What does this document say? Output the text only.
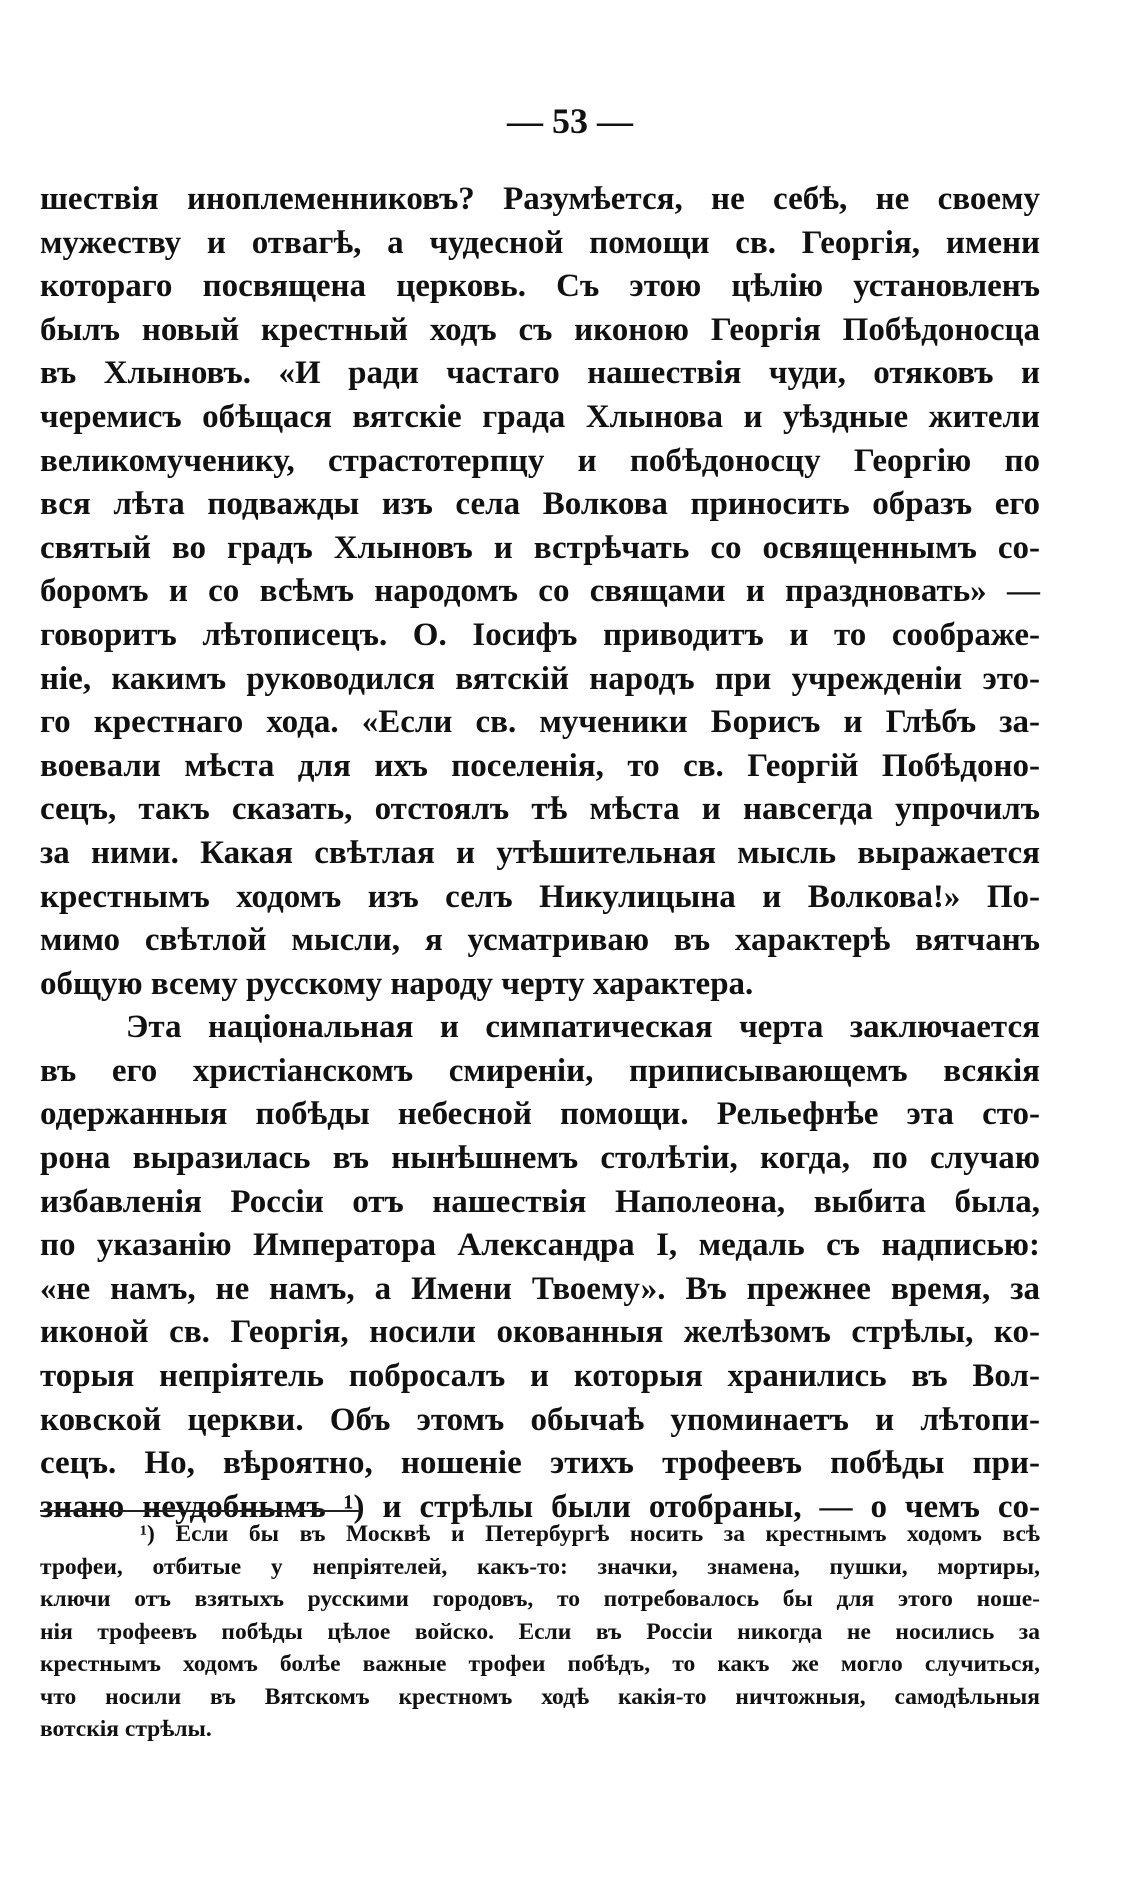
— 53 —
шествія иноплеменниковъ? Разумѣется, не себѣ, не своему
мужеству и отвагѣ, а чудесной помощи св. Георгія, имени
котораго посвящена церковь. Съ этою цѣлію установленъ
былъ новый крестный ходъ съ иконою Георгія Побѣдоносца
въ Хлыновъ. «И ради частаго нашествія чуди, отяковъ и
черемисъ обѣщася вятскіе града Хлынова и уѣздные жители
великомученику, страстотерпцу и побѣдоносцу Георгію по
вся лѣта подважды изъ села Волкова приносить образъ его
святый во градъ Хлыновъ и встрѣчать со освященнымъ со-
боромъ и со всѣмъ народомъ со свящами и праздновать» —
говоритъ лѣтописецъ. О. Іосифъ приводитъ и то соображе-
ніе, какимъ руководился вятскій народъ при учрежденіи это-
го крестнаго хода. «Если св. мученики Борисъ и Глѣбъ за-
воевали мѣста для ихъ поселенія, то св. Георгій Побѣдоно-
сецъ, такъ сказать, отстоялъ тѣ мѣста и навсегда упрочилъ
за ними. Какая свѣтлая и утѣшительная мысль выражается
крестнымъ ходомъ изъ селъ Никулицына и Волкова!» По-
мимо свѣтлой мысли, я усматриваю въ характерѣ вятчанъ
общую всему русскому народу черту характера.
Эта національная и симпатическая черта заключается
въ его христіанскомъ смиреніи, приписывающемъ всякія
одержанныя побѣды небесной помощи. Рельефнѣе эта сто-
рона выразилась въ нынѣшнемъ столѣтіи, когда, по случаю
избавленія Россіи отъ нашествія Наполеона, выбита была,
по указанію Императора Александра I, медаль съ надписью:
«не намъ, не намъ, а Имени Твоему». Въ прежнее время, за
иконой св. Георгія, носили окованныя желѣзомъ стрѣлы, ко-
торыя непріятель побросалъ и которыя хранились въ Вол-
ковской церкви. Объ этомъ обычаѣ упоминаетъ и лѣтопи-
сецъ. Но, вѣроятно, ношеніе этихъ трофеевъ побѣды при-
знано неудобнымъ ¹) и стрѣлы были отобраны, — о чемъ со-
¹) Если бы въ Москвѣ и Петербургѣ носить за крестнымъ ходомъ всѣ
трофеи, отбитые у непріятелей, какъ-то: значки, знамена, пушки, мортиры,
ключи отъ взятыхъ русскими городовъ, то потребовалось бы для этого ноше-
нія трофеевъ побѣды цѣлое войско. Если въ Россіи никогда не носились за
крестнымъ ходомъ болѣе важные трофеи побѣдъ, то какъ же могло случиться,
что носили въ Вятскомъ крестномъ ходѣ какія-то ничтожныя, самодѣльныя
вотскія стрѣлы.
